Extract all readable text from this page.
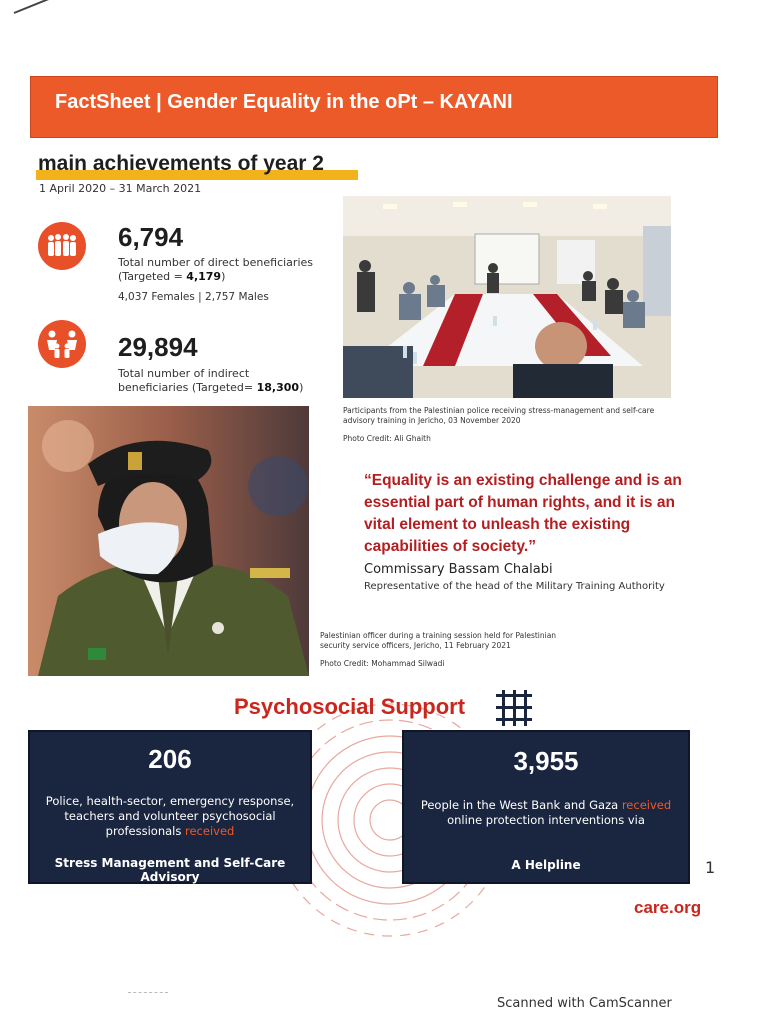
FactSheet | Gender Equality in the oPt – KAYANI
main achievements of year 2
1 April 2020 – 31 March 2021
6,794
Total number of direct beneficiaries (Targeted = 4,179)
4,037 Females | 2,757 Males
29,894
Total number of indirect beneficiaries (Targeted= 18,300)
Participants from the Palestinian police receiving stress-management and self-care advisory training in Jericho, 03 November 2020
Photo Credit: Ali Ghaith
Palestinian officer during a training session held for Palestinian security service officers, Jericho, 11 February 2021
Photo Credit: Mohammad Silwadi
“Equality is an existing challenge and is an essential part of human rights, and it is an vital element to unleash the existing capabilities of society.”
Commissary Bassam Chalabi
Representative of the head of the Military Training Authority
Psychosocial Support
206
Police, health-sector, emergency response, teachers and volunteer psychosocial professionals received
Stress Management and Self-Care Advisory
3,955
People in the West Bank and Gaza received online protection interventions via
A Helpline	1
care.org
Scanned with CamScanner
